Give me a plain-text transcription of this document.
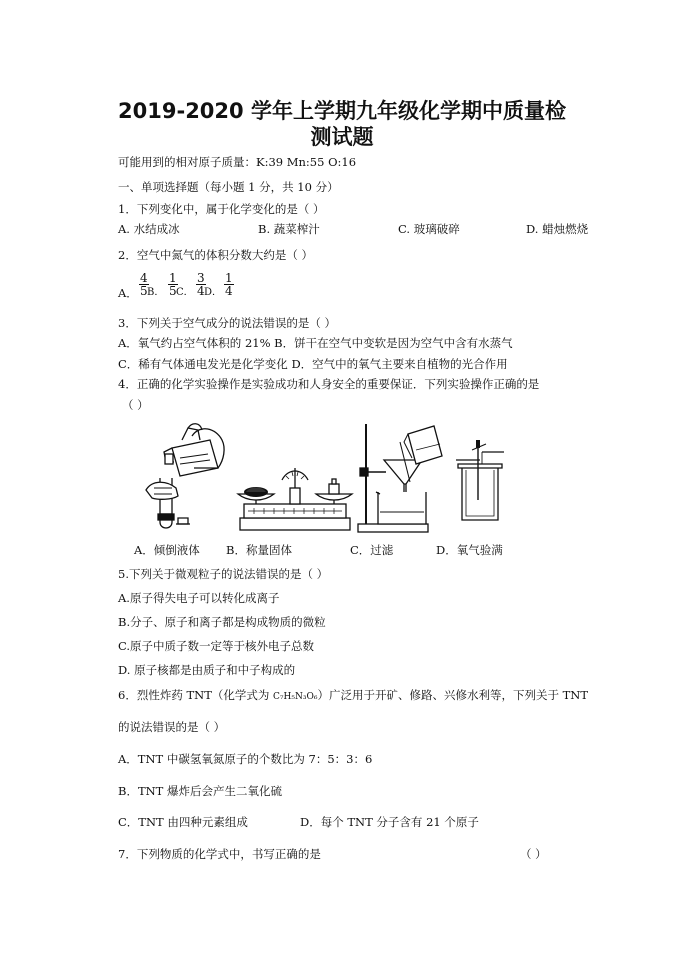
2019-2020 学年上学期九年级化学期中质量检
测试题
可能用到的相对原子质量：K:39 Mn:55 O:16
一、单项选择题（每小题 1 分，共 10 分）
1．下列变化中，属于化学变化的是（ ）
A. 水结成冰	B. 蔬菜榨汁	C. 玻璃破碎	D. 蜡烛燃烧
2．空气中氮气的体积分数大约是（ ）
A． $\frac{4}{5}$
B． $\frac{1}{5}$
C． $\frac{3}{4}$
D． $\frac{1}{4}$
3．下列关于空气成分的说法错误的是（ ）
A．氧气约占空气体积的 21% B．饼干在空气中变软是因为空气中含有水蒸气
C．稀有气体通电发光是化学变化 D．空气中的氧气主要来自植物的光合作用
4．正确的化学实验操作是实验成功和人身安全的重要保证．下列实验操作正确的是
（ ）
A．倾倒液体 B．称量固体	C．过滤	D．氧气验满
5.下列关于微观粒子的说法错误的是（ ）
A.原子得失电子可以转化成离子
B.分子、原子和离子都是构成物质的微粒
C.原子中质子数一定等于核外电子总数
D. 原子核都是由质子和中子构成的
6．烈性炸药 TNT（化学式为 C₇H₅N₃O₆）广泛用于开矿、修路、兴修水利等，下列关于 TNT
的说法错误的是（ ）
A．TNT 中碳氢氧氮原子的个数比为 7：5：3：6
B．TNT 爆炸后会产生二氧化硫
C．TNT 由四种元素组成	D．每个 TNT 分子含有 21 个原子
7．下列物质的化学式中，书写正确的是	（ ）
